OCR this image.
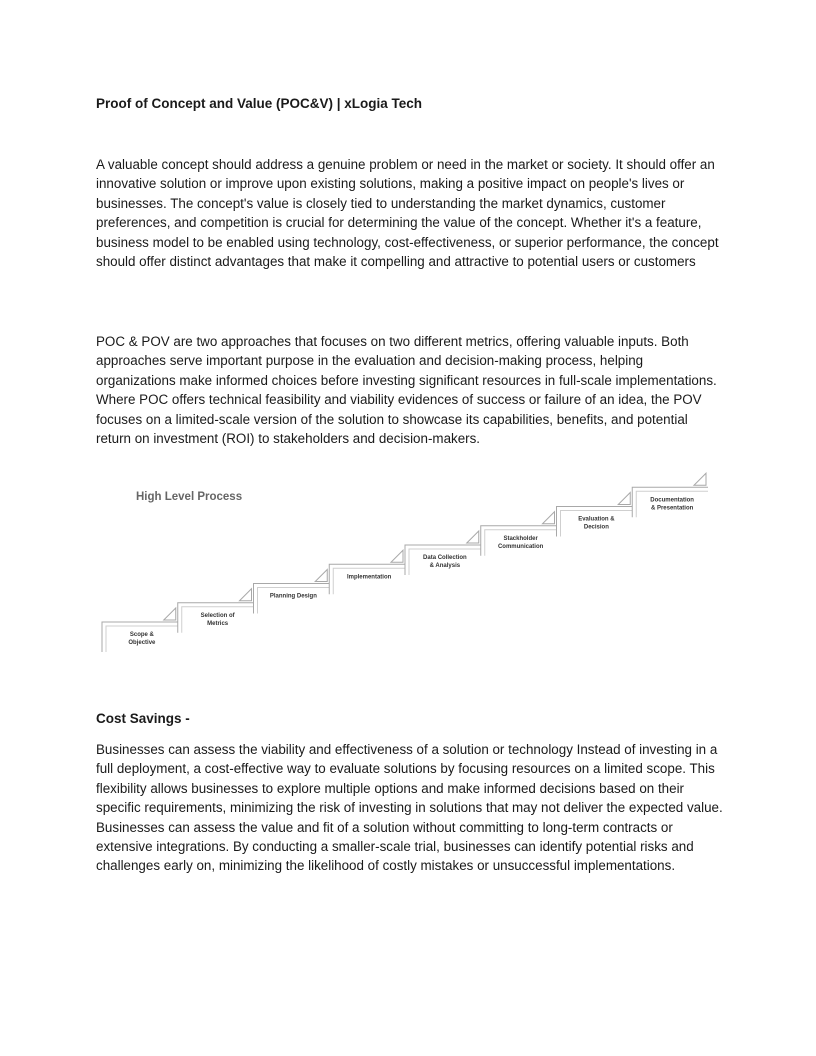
Proof of Concept and Value (POC&V) | xLogia Tech

A valuable concept should address a genuine problem or need in the market or society. It should offer an innovative solution or improve upon existing solutions, making a positive impact on people's lives or businesses. The concept's value is closely tied to understanding the market dynamics, customer preferences, and competition is crucial for determining the value of the concept. Whether it's a feature, business model to be enabled using technology, cost-effectiveness, or superior performance, the concept should offer distinct advantages that make it compelling and attractive to potential users or customers

POC & POV are two approaches that focuses on two different metrics, offering valuable inputs. Both approaches serve important purpose in the evaluation and decision-making process, helping organizations make informed choices before investing significant resources in full-scale implementations. Where POC offers technical feasibility and viability evidences of success or failure of an idea, the POV focuses on a limited-scale version of the solution to showcase its capabilities, benefits, and potential return on investment (ROI) to stakeholders and decision-makers.

Cost Savings -

Businesses can assess the viability and effectiveness of a solution or technology Instead of investing in a full deployment, a cost-effective way to evaluate solutions by focusing resources on a limited scope. This flexibility allows businesses to explore multiple options and make informed decisions based on their specific requirements, minimizing the risk of investing in solutions that may not deliver the expected value. Businesses can assess the value and fit of a solution without committing to long-term contracts or extensive integrations. By conducting a smaller-scale trial, businesses can identify potential risks and challenges early on, minimizing the likelihood of costly mistakes or unsuccessful implementations.

High Level Process
Scope &
Objective
Selection of
Metrics
Planning Design
Implementation
Data Collection
& Analysis
Stackholder
Communication
Evaluation &
Decision
Documentation
& Presentation
